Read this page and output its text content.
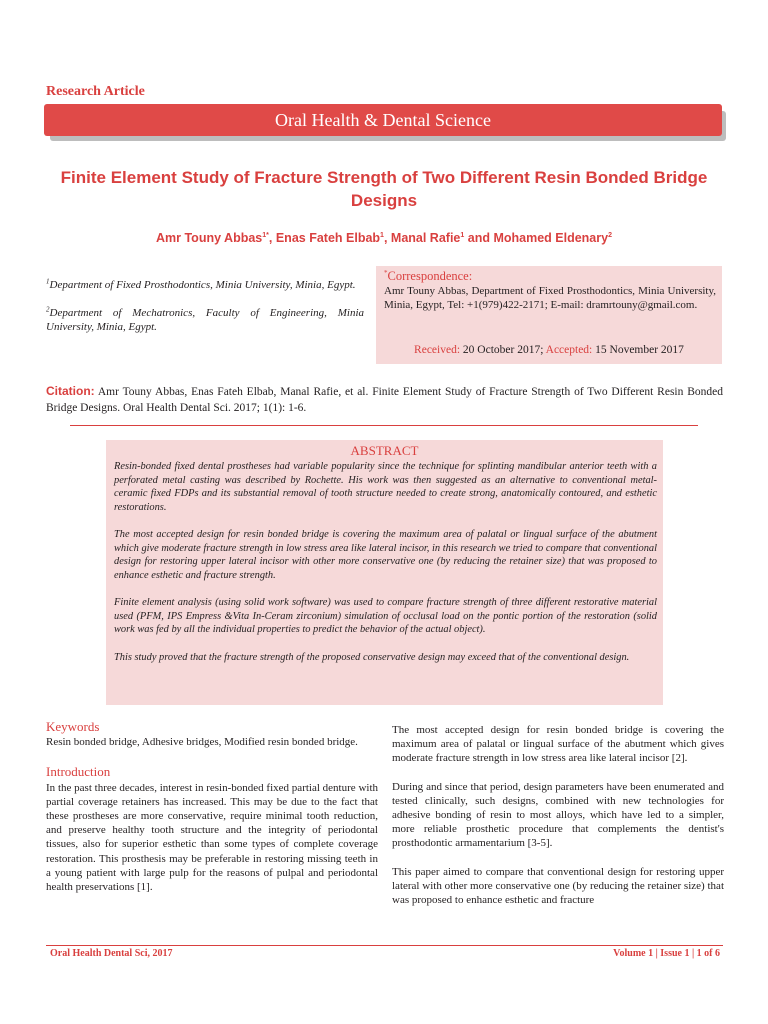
Research Article
Oral Health & Dental Science
Finite Element Study of Fracture Strength of Two Different Resin Bonded Bridge Designs
Amr Touny Abbas$^{1*}$, Enas Fateh Elbab$^1$, Manal Rafie$^1$ and Mohamed Eldenary$^2$

$^1$Department of Fixed Prosthodontics, Minia University, Minia, Egypt.

$^2$Department of Mechatronics, Faculty of Engineering, Minia University, Minia, Egypt.

*Correspondence:
Amr Touny Abbas, Department of Fixed Prosthodontics, Minia University, Minia, Egypt, Tel: +1(979)422-2171; E-mail: dramrtouny@gmail.com.
Received: 20 October 2017; Accepted: 15 November 2017
Citation: Amr Touny Abbas, Enas Fateh Elbab, Manal Rafie, et al. Finite Element Study of Fracture Strength of Two Different Resin Bonded Bridge Designs. Oral Health Dental Sci. 2017; 1(1): 1-6.
ABSTRACT

Resin-bonded fixed dental prostheses had variable popularity since the technique for splinting mandibular anterior teeth with a perforated metal casting was described by Rochette. His work was then suggested as an alternative to conventional metal-ceramic fixed FDPs and its substantial removal of tooth structure needed to create strong, anatomically contoured, and esthetic restorations.

The most accepted design for resin bonded bridge is covering the maximum area of palatal or lingual surface of the abutment which give moderate fracture strength in low stress area like lateral incisor, in this research we tried to compare that conventional design for restoring upper lateral incisor with other more conservative one (by reducing the retainer size) that was proposed to enhance esthetic and fracture strength.

Finite element analysis (using solid work software) was used to compare fracture strength of three different restorative material used (PFM, IPS Empress &Vita In-Ceram zirconium) simulation of occlusal load on the pontic portion of the restoration (solid work was fed by all the individual properties to predict the behavior of the actual object).

This study proved that the fracture strength of the proposed conservative design may exceed that of the conventional design.

Keywords

Resin bonded bridge, Adhesive bridges, Modified resin bonded bridge.

Introduction

In the past three decades, interest in resin-bonded fixed partial denture with partial coverage retainers has increased. This may be due to the fact that these prostheses are more conservative, require minimal tooth reduction, and preserve healthy tooth structure and the integrity of periodontal tissues, also for superior esthetic than some types of complete coverage restoration. This prosthesis may be preferable in restoring missing teeth in a young patient with large pulp for the reasons of pulpal and periodontal health preservations [1].

The most accepted design for resin bonded bridge is covering the maximum area of palatal or lingual surface of the abutment which gives moderate fracture strength in low stress area like lateral incisor [2].

During and since that period, design parameters have been enumerated and tested clinically, such designs, combined with new technologies for adhesive bonding of resin to most alloys, which have led to a simpler, more reliable prosthetic procedure that complements the dentist's prosthodontic armamentarium [3-5].

This paper aimed to compare that conventional design for restoring upper lateral with other more conservative one (by reducing the retainer size) that was proposed to enhance esthetic and fracture

Oral Health Dental Sci, 2017	Volume 1 | Issue 1 | 1 of 6
